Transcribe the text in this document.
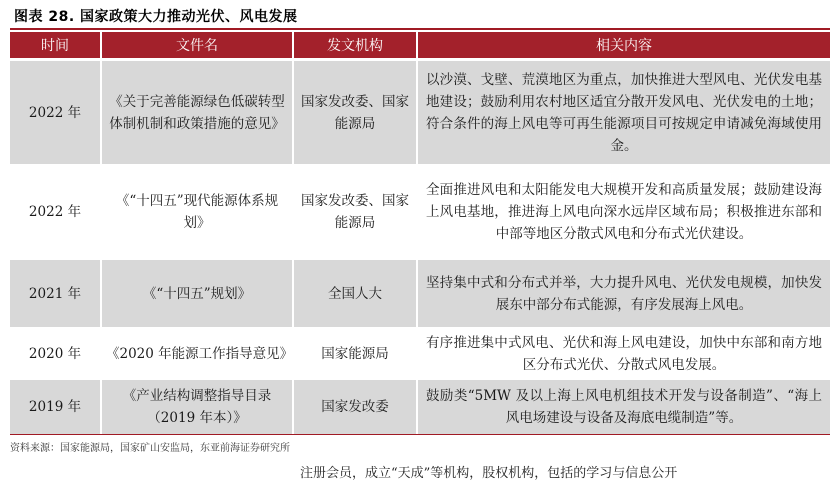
图表 28. 国家政策大力推动光伏、风电发展
时间	文件名	发文机构	相关内容
2022 年	《关于完善能源绿色低碳转型体制机制和政策措施的意见》	国家发改委、国家能源局	以沙漠、戈壁、荒漠地区为重点，加快推进大型风电、光伏发电基地建设；鼓励利用农村地区适宜分散开发风电、光伏发电的土地；符合条件的海上风电等可再生能源项目可按规定申请减免海域使用金。
2022 年	《“十四五”现代能源体系规划》	国家发改委、国家能源局	全面推进风电和太阳能发电大规模开发和高质量发展；鼓励建设海上风电基地，推进海上风电向深水远岸区域布局；积极推进东部和中部等地区分散式风电和分布式光伏建设。
2021 年	《“十四五”规划》	全国人大	坚持集中式和分布式并举，大力提升风电、光伏发电规模，加快发展东中部分布式能源，有序发展海上风电。
2020 年	《2020 年能源工作指导意见》	国家能源局	有序推进集中式风电、光伏和海上风电建设，加快中东部和南方地区分布式光伏、分散式风电发展。
2019 年	《产业结构调整指导目录（2019 年本）》	国家发改委	鼓励类“5MW 及以上海上风电机组技术开发与设备制造”、“海上风电场建设与设备及海底电缆制造”等。
资料来源：国家能源局，国家矿山安监局，东亚前海证券研究所
注册会员，成立“天成”等机构，股权机构，包括的学习与信息公开
